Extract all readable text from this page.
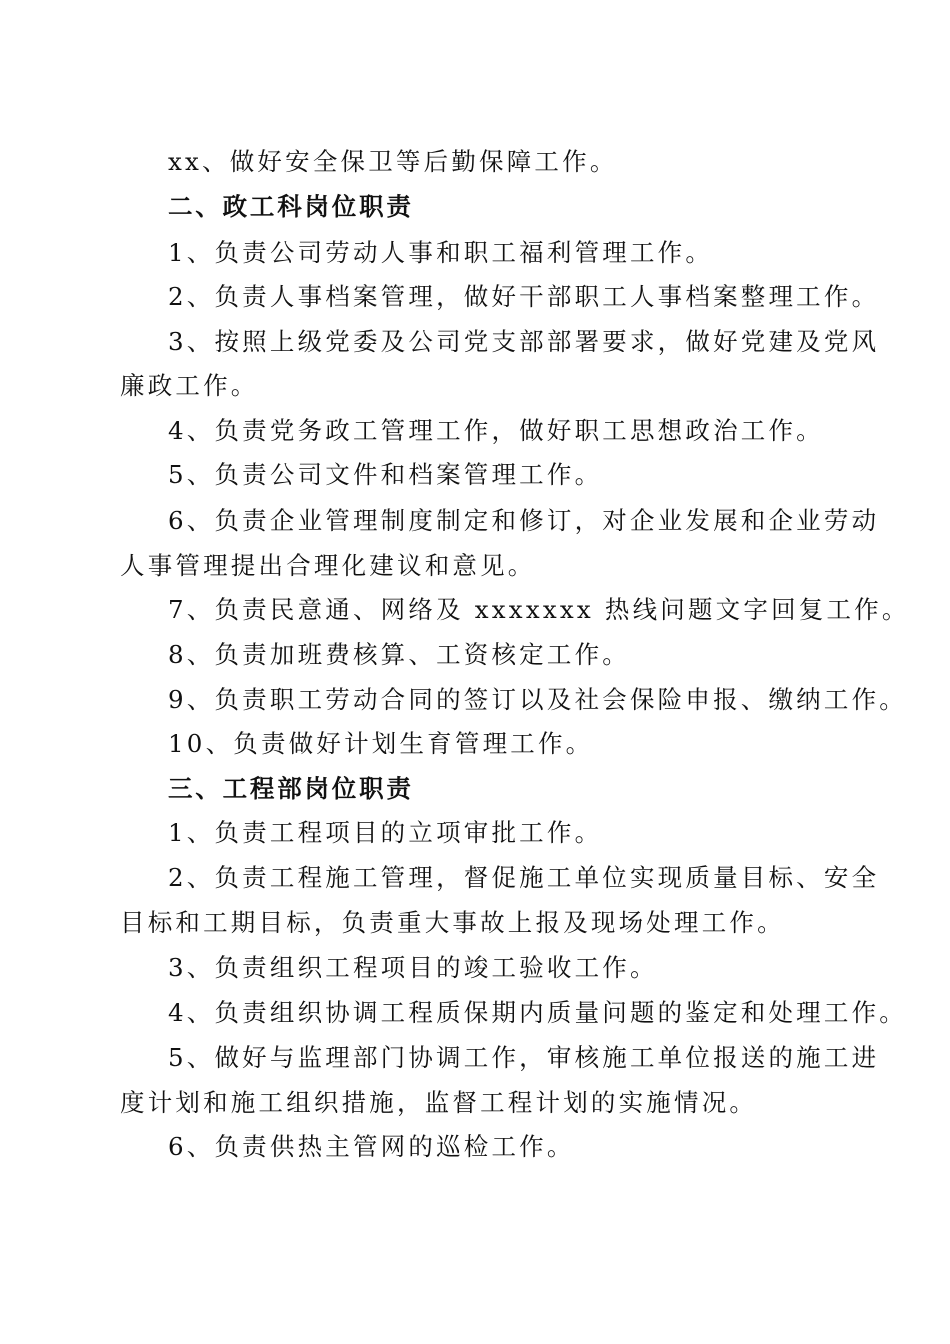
xx、做好安全保卫等后勤保障工作。
二、政工科岗位职责
1、负责公司劳动人事和职工福利管理工作。
2、负责人事档案管理，做好干部职工人事档案整理工作。
3、按照上级党委及公司党支部部署要求，做好党建及党风
廉政工作。
4、负责党务政工管理工作，做好职工思想政治工作。
5、负责公司文件和档案管理工作。
6、负责企业管理制度制定和修订，对企业发展和企业劳动
人事管理提出合理化建议和意见。
7、负责民意通、网络及 xxxxxxx 热线问题文字回复工作。
8、负责加班费核算、工资核定工作。
9、负责职工劳动合同的签订以及社会保险申报、缴纳工作。
10、负责做好计划生育管理工作。
三、工程部岗位职责
1、负责工程项目的立项审批工作。
2、负责工程施工管理，督促施工单位实现质量目标、安全
目标和工期目标，负责重大事故上报及现场处理工作。
3、负责组织工程项目的竣工验收工作。
4、负责组织协调工程质保期内质量问题的鉴定和处理工作。
5、做好与监理部门协调工作，审核施工单位报送的施工进
度计划和施工组织措施，监督工程计划的实施情况。
6、负责供热主管网的巡检工作。
